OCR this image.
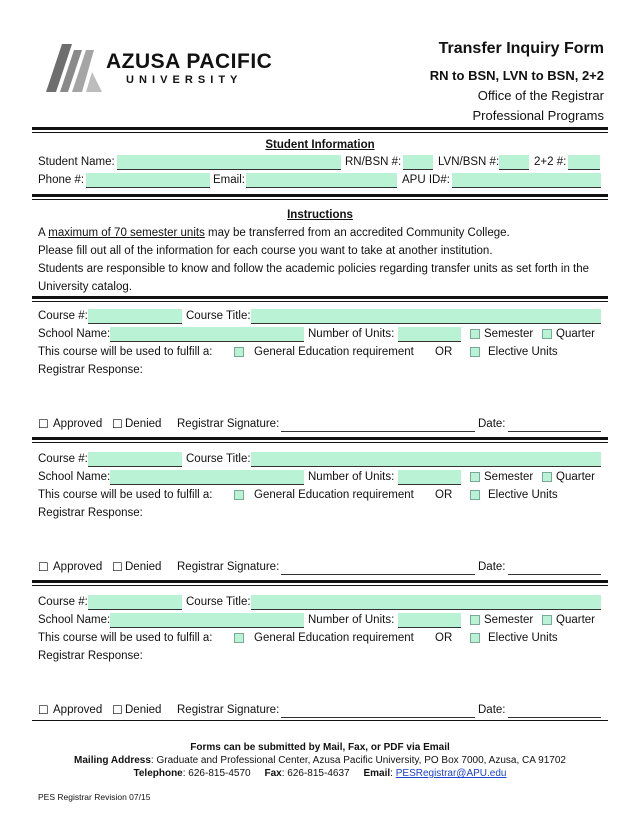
AZUSA PACIFIC
U N I V E R S I T Y
Transfer Inquiry Form
RN to BSN, LVN to BSN, 2+2
Office of the Registrar
Professional Programs
Student Information
Student Name:	RN/BSN #:	LVN/BSN #:	2+2 #:
Phone #:	Email:	APU ID#:
Instructions
A maximum of 70 semester units may be transferred from an accredited Community College.
Please fill out all of the information for each course you want to take at another institution.
Students are responsible to know and follow the academic policies regarding transfer units as set forth in the
University catalog.
Course #:	Course Title:
School Name:	Number of Units:	Semester Quarter
This course will be used to fulfill a:	General Education requirement OR	Elective Units
Registrar Response:
☐ Approved ☐ Denied Registrar Signature:	Date:
Course #:	Course Title:
School Name:	Number of Units:	Semester Quarter
This course will be used to fulfill a:	General Education requirement OR	Elective Units
Registrar Response:
☐ Approved ☐ Denied Registrar Signature:	Date:
Course #:	Course Title:
School Name:	Number of Units:	Semester Quarter
This course will be used to fulfill a:	General Education requirement OR	Elective Units
Registrar Response:
☐ Approved ☐ Denied Registrar Signature:	Date:
Forms can be submitted by Mail, Fax, or PDF via Email
Mailing Address: Graduate and Professional Center, Azusa Pacific University, PO Box 7000, Azusa, CA 91702
Telephone: 626-815-4570 Fax: 626-815-4637 Email: PESRegistrar@APU.edu
PES Registrar Revision 07/15
